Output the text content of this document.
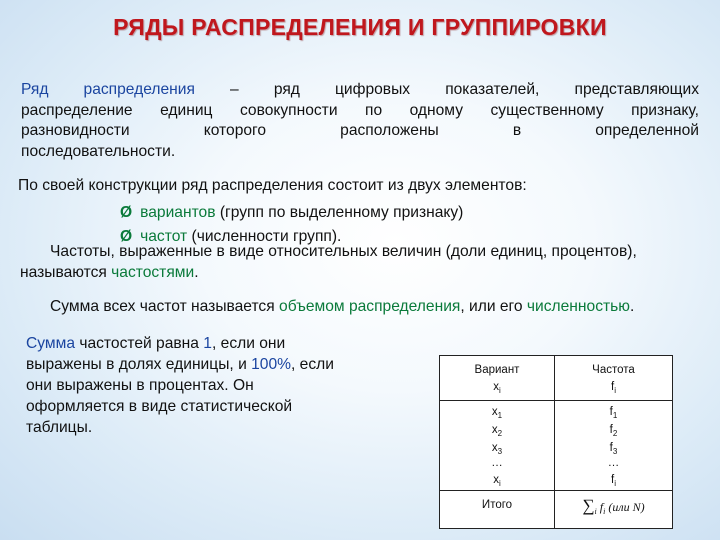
РЯДЫ РАСПРЕДЕЛЕНИЯ И ГРУППИРОВКИ
Ряд распределения – ряд цифровых показателей, представляющих
распределение единиц совокупности по одному существенному признаку,
разновидности которого расположены в определенной
последовательности.
По своей конструкции ряд распределения состоит из двух элементов:
Ø вариантов (групп по выделенному признаку)
Ø частот (численности групп).
Частоты, выраженные в виде относительных величин (доли единиц, процентов), называются частостями.
Сумма всех частот называется объемом распределения, или его численностью.
Сумма частостей равна 1, если они выражены в долях единицы, и 100%, если они выражены в процентах. Он оформляется в виде статистической таблицы.
Вариант	Частота
$x_i$	$f_i$
$x_1$	$f_1$
$x_2$	$f_2$
$x_3$	$f_3$
…	…
$x_i$	$f_i$
Итого	$\sum_i$ $f_i$ (или N)
